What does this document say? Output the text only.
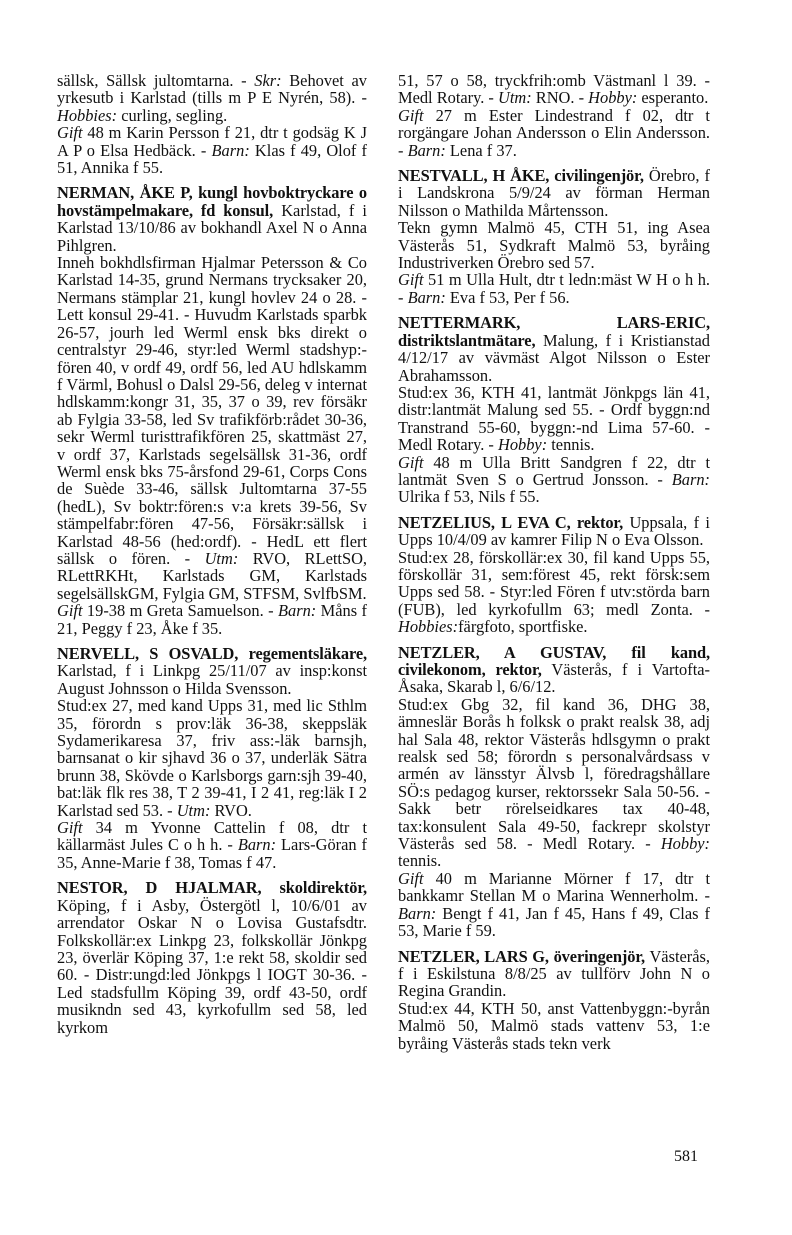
sällsk, Sällsk jultomtarna. - Skr: Behovet av yrkesutb i Karlstad (tills m P E Nyrén, 58). - Hobbies: curling, segling.

Gift 48 m Karin Persson f 21, dtr t godsäg K J A P o Elsa Hedbäck. - Barn: Klas f 49, Olof f 51, Annika f 55.

NERMAN, ÅKE P, kungl hovboktryckare o hovstämpelmakare, fd konsul, Karlstad, f i Karlstad 13/10/86 av bokhandl Axel N o Anna Pihlgren.

Inneh bokhdlsfirman Hjalmar Petersson & Co Karlstad 14-35, grund Nermans trycksaker 20, Nermans stämplar 21, kungl hovlev 24 o 28. - Lett konsul 29-41. - Huvudm Karlstads sparbk 26-57, jourh led Werml ensk bks direkt o centralstyr 29-46, styr:led Werml stadshyp:-fören 40, v ordf 49, ordf 56, led AU hdlskamm f Värml, Bohusl o Dalsl 29-56, deleg v internat hdlskamm:kongr 31, 35, 37 o 39, rev försäkr ab Fylgia 33-58, led Sv trafikförb:rådet 30-36, sekr Werml turisttrafikfören 25, skattmäst 27, v ordf 37, Karlstads segelsällsk 31-36, ordf Werml ensk bks 75-årsfond 29-61, Corps Cons de Suède 33-46, sällsk Jultomtarna 37-55 (hedL), Sv boktr:fören:s v:a krets 39-56, Sv stämpelfabr:fören 47-56, Försäkr:sällsk i Karlstad 48-56 (hed:ordf). - HedL ett flert sällsk o fören. - Utm: RVO, RLettSO, RLettRKHt, Karlstads GM, Karlstads segelsällskGM, Fylgia GM, STFSM, SvlfbSM.

Gift 19-38 m Greta Samuelson. - Barn: Måns f 21, Peggy f 23, Åke f 35.

NERVELL, S OSVALD, regementsläkare, Karlstad, f i Linkpg 25/11/07 av insp:konst August Johnsson o Hilda Svensson.

Stud:ex 27, med kand Upps 31, med lic Sthlm 35, förordn s prov:läk 36-38, skeppsläk Sydamerikaresa 37, friv ass:-läk barnsjh, barnsanat o kir sjhavd 36 o 37, underläk Sätra brunn 38, Skövde o Karlsborgs garn:sjh 39-40, bat:läk flk res 38, T 2 39-41, I 2 41, reg:läk I 2 Karlstad sed 53. - Utm: RVO.

Gift 34 m Yvonne Cattelin f 08, dtr t källarmäst Jules C o h h. - Barn: Lars-Göran f 35, Anne-Marie f 38, Tomas f 47.

NESTOR, D HJALMAR, skoldirektör, Köping, f i Asby, Östergötl l, 10/6/01 av arrendator Oskar N o Lovisa Gustafsdtr. Folkskollär:ex Linkpg 23, folkskollär Jönkpg 23, överlär Köping 37, 1:e rekt 58, skoldir sed 60. - Distr:ungd:led Jönkpgs l IOGT 30-36. - Led stadsfullm Köping 39, ordf 43-50, ordf musikndn sed 43, kyrkofullm sed 58, led kyrkom

51, 57 o 58, tryckfrih:omb Västmanl l 39. - Medl Rotary. - Utm: RNO. - Hobby: esperanto.

Gift 27 m Ester Lindestrand f 02, dtr t rorgängare Johan Andersson o Elin Andersson. - Barn: Lena f 37.

NESTVALL, H ÅKE, civilingenjör, Örebro, f i Landskrona 5/9/24 av förman Herman Nilsson o Mathilda Mårtensson.

Tekn gymn Malmö 45, CTH 51, ing Asea Västerås 51, Sydkraft Malmö 53, byråing Industriverken Örebro sed 57.

Gift 51 m Ulla Hult, dtr t ledn:mäst W H o h h. - Barn: Eva f 53, Per f 56.

NETTERMARK, LARS-ERIC, distriktslantmätare, Malung, f i Kristianstad 4/12/17 av vävmäst Algot Nilsson o Ester Abrahamsson.

Stud:ex 36, KTH 41, lantmät Jönkpgs län 41, distr:lantmät Malung sed 55. - Ordf byggn:nd Transtrand 55-60, byggn:-nd Lima 57-60. - Medl Rotary. - Hobby: tennis.

Gift 48 m Ulla Britt Sandgren f 22, dtr t lantmät Sven S o Gertrud Jonsson. - Barn: Ulrika f 53, Nils f 55.

NETZELIUS, L EVA C, rektor, Uppsala, f i Upps 10/4/09 av kamrer Filip N o Eva Olsson.

Stud:ex 28, förskollär:ex 30, fil kand Upps 55, förskollär 31, sem:förest 45, rekt försk:sem Upps sed 58. - Styr:led Fören f utv:störda barn (FUB), led kyrkofullm 63; medl Zonta. - Hobbies:färgfoto, sportfiske.

NETZLER, A GUSTAV, fil kand, civilekonom, rektor, Västerås, f i Vartofta-Åsaka, Skarab l, 6/6/12.

Stud:ex Gbg 32, fil kand 36, DHG 38, ämneslär Borås h folksk o prakt realsk 38, adj hal Sala 48, rektor Västerås hdlsgymn o prakt realsk sed 58; förordn s personalvårdsass v armén av länsstyr Älvsb l, föredragshållare SÖ:s pedagog kurser, rektorssekr Sala 50-56. - Sakk betr rörelseidkares tax 40-48, tax:konsulent Sala 49-50, fackrepr skolstyr Västerås sed 58. - Medl Rotary. - Hobby: tennis.

Gift 40 m Marianne Mörner f 17, dtr t bankkamr Stellan M o Marina Wennerholm. - Barn: Bengt f 41, Jan f 45, Hans f 49, Clas f 53, Marie f 59.

NETZLER, LARS G, överingenjör, Västerås, f i Eskilstuna 8/8/25 av tullförv John N o Regina Grandin.

Stud:ex 44, KTH 50, anst Vattenbyggn:-byrån Malmö 50, Malmö stads vattenv 53, 1:e byråing Västerås stads tekn verk

581
